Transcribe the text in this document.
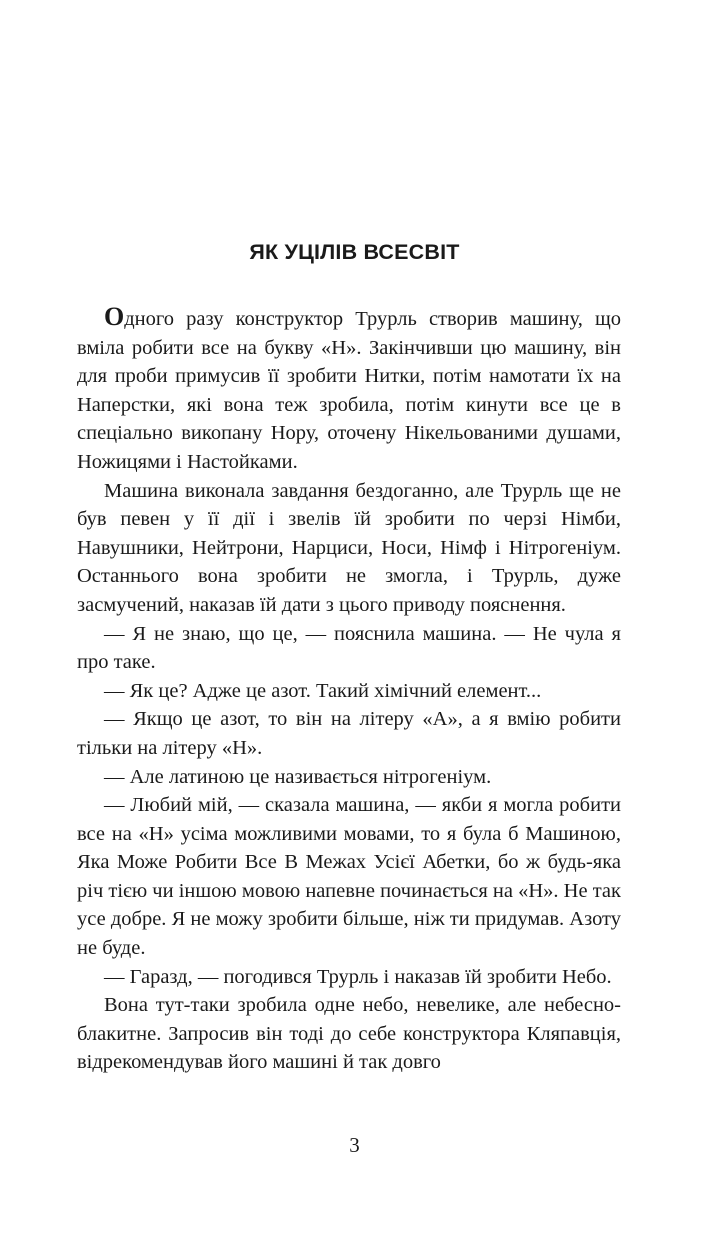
ЯК УЦІЛІВ ВСЕСВІТ

Одного разу конструктор Трурль створив машину, що вміла робити все на букву «Н». Закінчивши цю машину, він для проби примусив її зробити Нитки, потім намотати їх на Наперстки, які вона теж зробила, потім кинути все це в спеціально викопану Нору, оточену Нікельованими душами, Ножицями і Настойками.

Машина виконала завдання бездоганно, але Трурль ще не був певен у її дії і звелів їй зробити по черзі Німби, Навушники, Нейтрони, Нарциси, Носи, Німф і Нітрогеніум. Останнього вона зробити не змогла, і Трурль, дуже засмучений, наказав їй дати з цього приводу пояснення.

— Я не знаю, що це, — пояснила машина. — Не чула я про таке.

— Як це? Адже це азот. Такий хімічний елемент...

— Якщо це азот, то він на літеру «А», а я вмію робити тільки на літеру «Н».

— Але латиною це називається нітрогеніум.

— Любий мій, — сказала машина, — якби я могла робити все на «Н» усіма можливими мовами, то я була б Машиною, Яка Може Робити Все В Межах Усієї Абетки, бо ж будь-яка річ тією чи іншою мовою напевне починається на «Н». Не так усе добре. Я не можу зробити більше, ніж ти придумав. Азоту не буде.

— Гаразд, — погодився Трурль і наказав їй зробити Небо.

Вона тут-таки зробила одне небо, невелике, але небесно-блакитне. Запросив він тоді до себе конструктора Кляпавція, відрекомендував його машині й так довго

3
